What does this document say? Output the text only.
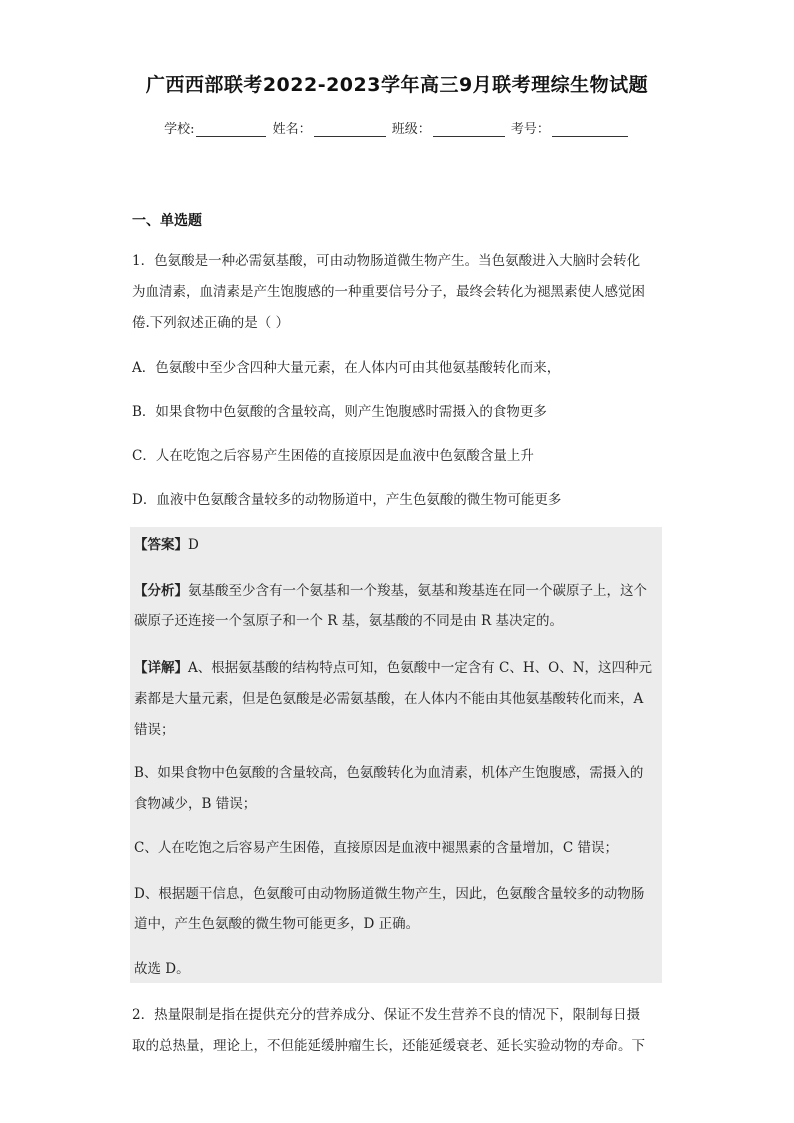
广西西部联考2022-2023学年高三9月联考理综生物试题
学校:	姓名：	班级：	考号：
一、单选题
1．色氨酸是一种必需氨基酸，可由动物肠道微生物产生。当色氨酸进入大脑时会转化
为血清素，血清素是产生饱腹感的一种重要信号分子，最终会转化为褪黑素使人感觉困
倦.下列叙述正确的是（ ）
A．色氨酸中至少含四种大量元素，在人体内可由其他氨基酸转化而来，
B．如果食物中色氨酸的含量较高，则产生饱腹感时需摄入的食物更多
C．人在吃饱之后容易产生困倦的直接原因是血液中色氨酸含量上升
D．血液中色氨酸含量较多的动物肠道中，产生色氨酸的微生物可能更多
【答案】D
【分析】氨基酸至少含有一个氨基和一个羧基，氨基和羧基连在同一个碳原子上，这个
碳原子还连接一个氢原子和一个 R 基，氨基酸的不同是由 R 基决定的。
【详解】A、根据氨基酸的结构特点可知，色氨酸中一定含有 C、H、O、N，这四种元
素都是大量元素，但是色氨酸是必需氨基酸，在人体内不能由其他氨基酸转化而来，A
错误；
B、如果食物中色氨酸的含量较高，色氨酸转化为血清素，机体产生饱腹感，需摄入的
食物减少，B 错误；
C、人在吃饱之后容易产生困倦，直接原因是血液中褪黑素的含量增加，C 错误；
D、根据题干信息，色氨酸可由动物肠道微生物产生，因此，色氨酸含量较多的动物肠
道中，产生色氨酸的微生物可能更多，D 正确。
故选 D。
2．热量限制是指在提供充分的营养成分、保证不发生营养不良的情况下，限制每日摄
取的总热量，理论上，不但能延缓肿瘤生长，还能延缓衰老、延长实验动物的寿命。下
